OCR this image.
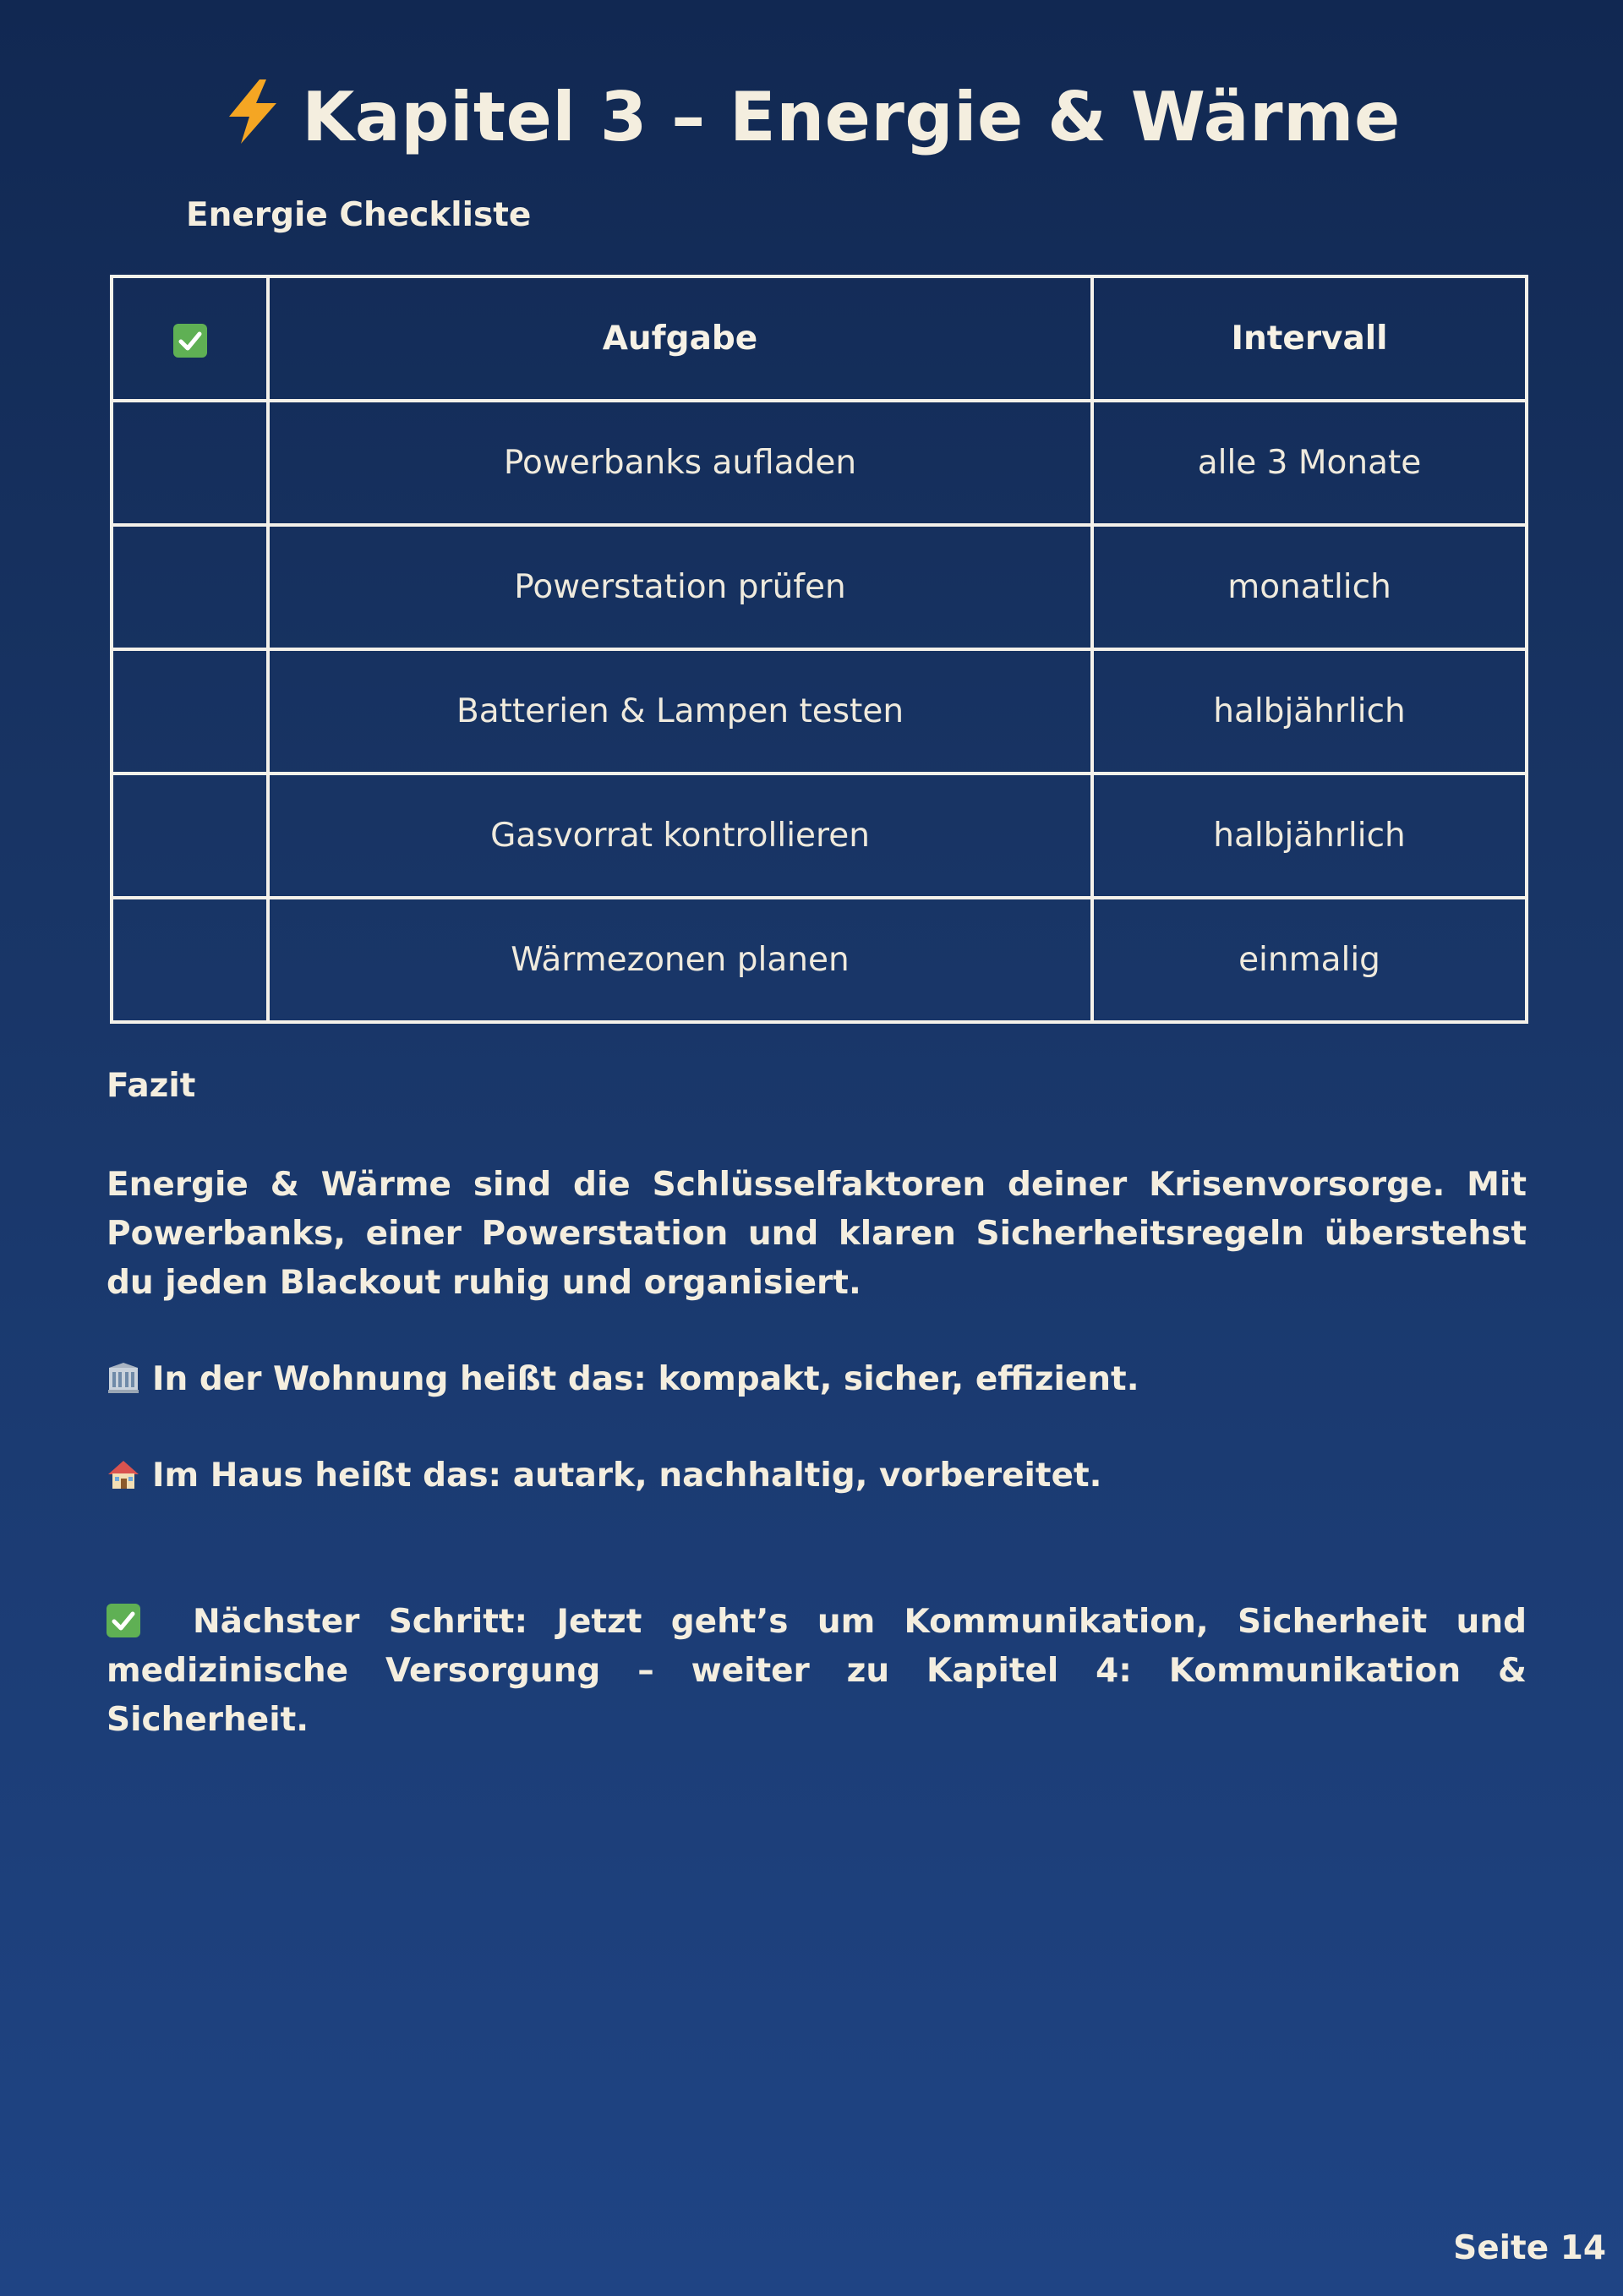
Kapitel 3 – Energie & Wärme
Energie Checkliste
	Aufgabe	Intervall
	Powerbanks aufladen	alle 3 Monate
	Powerstation prüfen	monatlich
	Batterien & Lampen testen	halbjährlich
	Gasvorrat kontrollieren	halbjährlich
	Wärmezonen planen	einmalig
Fazit
Energie & Wärme sind die Schlüsselfaktoren deiner Krisenvorsorge. Mit Powerbanks, einer Powerstation und klaren Sicherheitsregeln überstehst du jeden Blackout ruhig und organisiert.
In der Wohnung heißt das: kompakt, sicher, effizient.
Im Haus heißt das: autark, nachhaltig, vorbereitet.
Nächster Schritt: Jetzt geht’s um Kommunikation, Sicherheit und medizinische Versorgung – weiter zu Kapitel 4: Kommunikation & Sicherheit.
Seite 14
